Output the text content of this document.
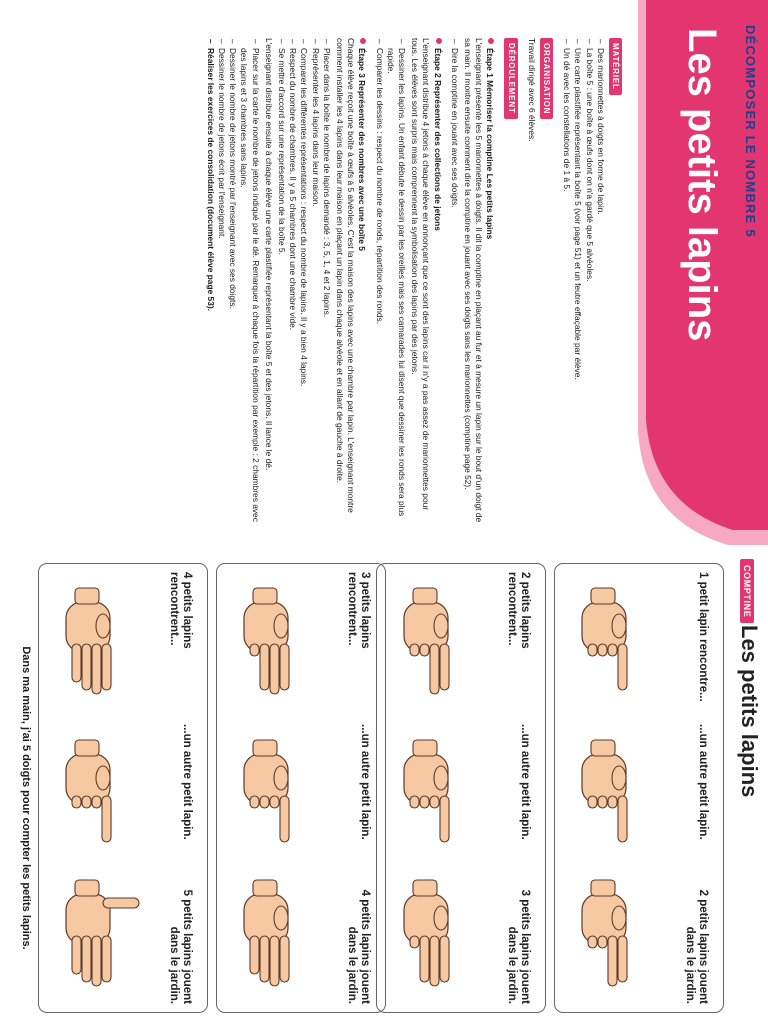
DÉCOMPOSER LE NOMBRE 5
Les petits lapins
MATÉRIEL
– Des marionnettes à doigts en forme de lapin.
– La boîte 5 : une boîte à œufs dont on n'a gardé que 5 alvéoles.
– Une carte plastifiée représentant la boîte 5 (voir page 51) et un feutre effaçable par élève.
– Un dé avec les constellations de 1 à 5.
ORGANISATION

Travail dirigé avec 6 élèves.

DÉROULEMENT
Étape 1 Mémoriser la comptine Les petits lapins

L'enseignant présente les 5 marionnettes à doigts. Il dit la comptine en plaçant au fur et à mesure un lapin sur le bout d'un doigt de sa main. Il montre ensuite comment dire la comptine en jouant avec ses doigts sans les marionnettes (comptine page 52).

– Dire la comptine en jouant avec ses doigts.
Étape 2 Représenter des collections de jetons

L'enseignant distribue 4 jetons à chaque élève en annonçant que ce sont des lapins car il n'y a pas assez de marionnettes pour tous. Les élèves sont surpris mais comprennent la symbolisation des lapins par des jetons.

– Dessiner les lapins. Un enfant débute le dessin par les oreilles mais ses camarades lui disent que dessiner les ronds sera plus rapide.
– Comparer les dessins : respect du nombre de ronds, répartition des ronds.
Étape 3 Représenter des nombres avec une boîte 5

Chaque élève reçoit une boîte à œufs à 5 alvéoles. C'est la maison des lapins avec une chambre par lapin. L'enseignant montre comment installer les 4 lapins dans leur maison en plaçant un lapin dans chaque alvéole et en allant de gauche à droite.

– Placer dans la boîte le nombre de lapins demandé : 3, 5, 1, 4 et 2 lapins.
– Représenter les 4 lapins dans leur maison.
– Comparer les différentes représentations : respect du nombre de lapins. Il y a bien 4 lapins.
– Respect du nombre de chambres. Il y a 5 chambres dont une chambre vide.
– Se mettre d'accord sur une représentation de la boîte 5.

L'enseignant distribue ensuite à chaque élève une carte plastifiée représentant la boîte 5 et des jetons. Il lance le dé.

– Placer sur la carte le nombre de jetons indiqué par le dé. Remarquer à chaque fois la répartition par exemple : 2 chambres avec des lapins et 3 chambres sans lapins.
– Dessiner le nombre de jetons montré par l'enseignant avec ses doigts.
– Dessiner le nombre de jetons écrit par l'enseignant.
– Réaliser les exercices de consolidation (document élève page 53).
COMPTINE
Les petits lapins
1 petit lapin rencontre...
...un autre petit lapin.
2 petits lapins jouent dans le jardin.
2 petits lapins rencontrent...
...un autre petit lapin.
3 petits lapins jouent dans le jardin.
3 petits lapins rencontrent...
...un autre petit lapin.
4 petits lapins jouent dans le jardin.
4 petits lapins rencontrent...
...un autre petit lapin.
5 petits lapins jouent dans le jardin.
Dans ma main, j'ai 5 doigts pour compter les petits lapins.
